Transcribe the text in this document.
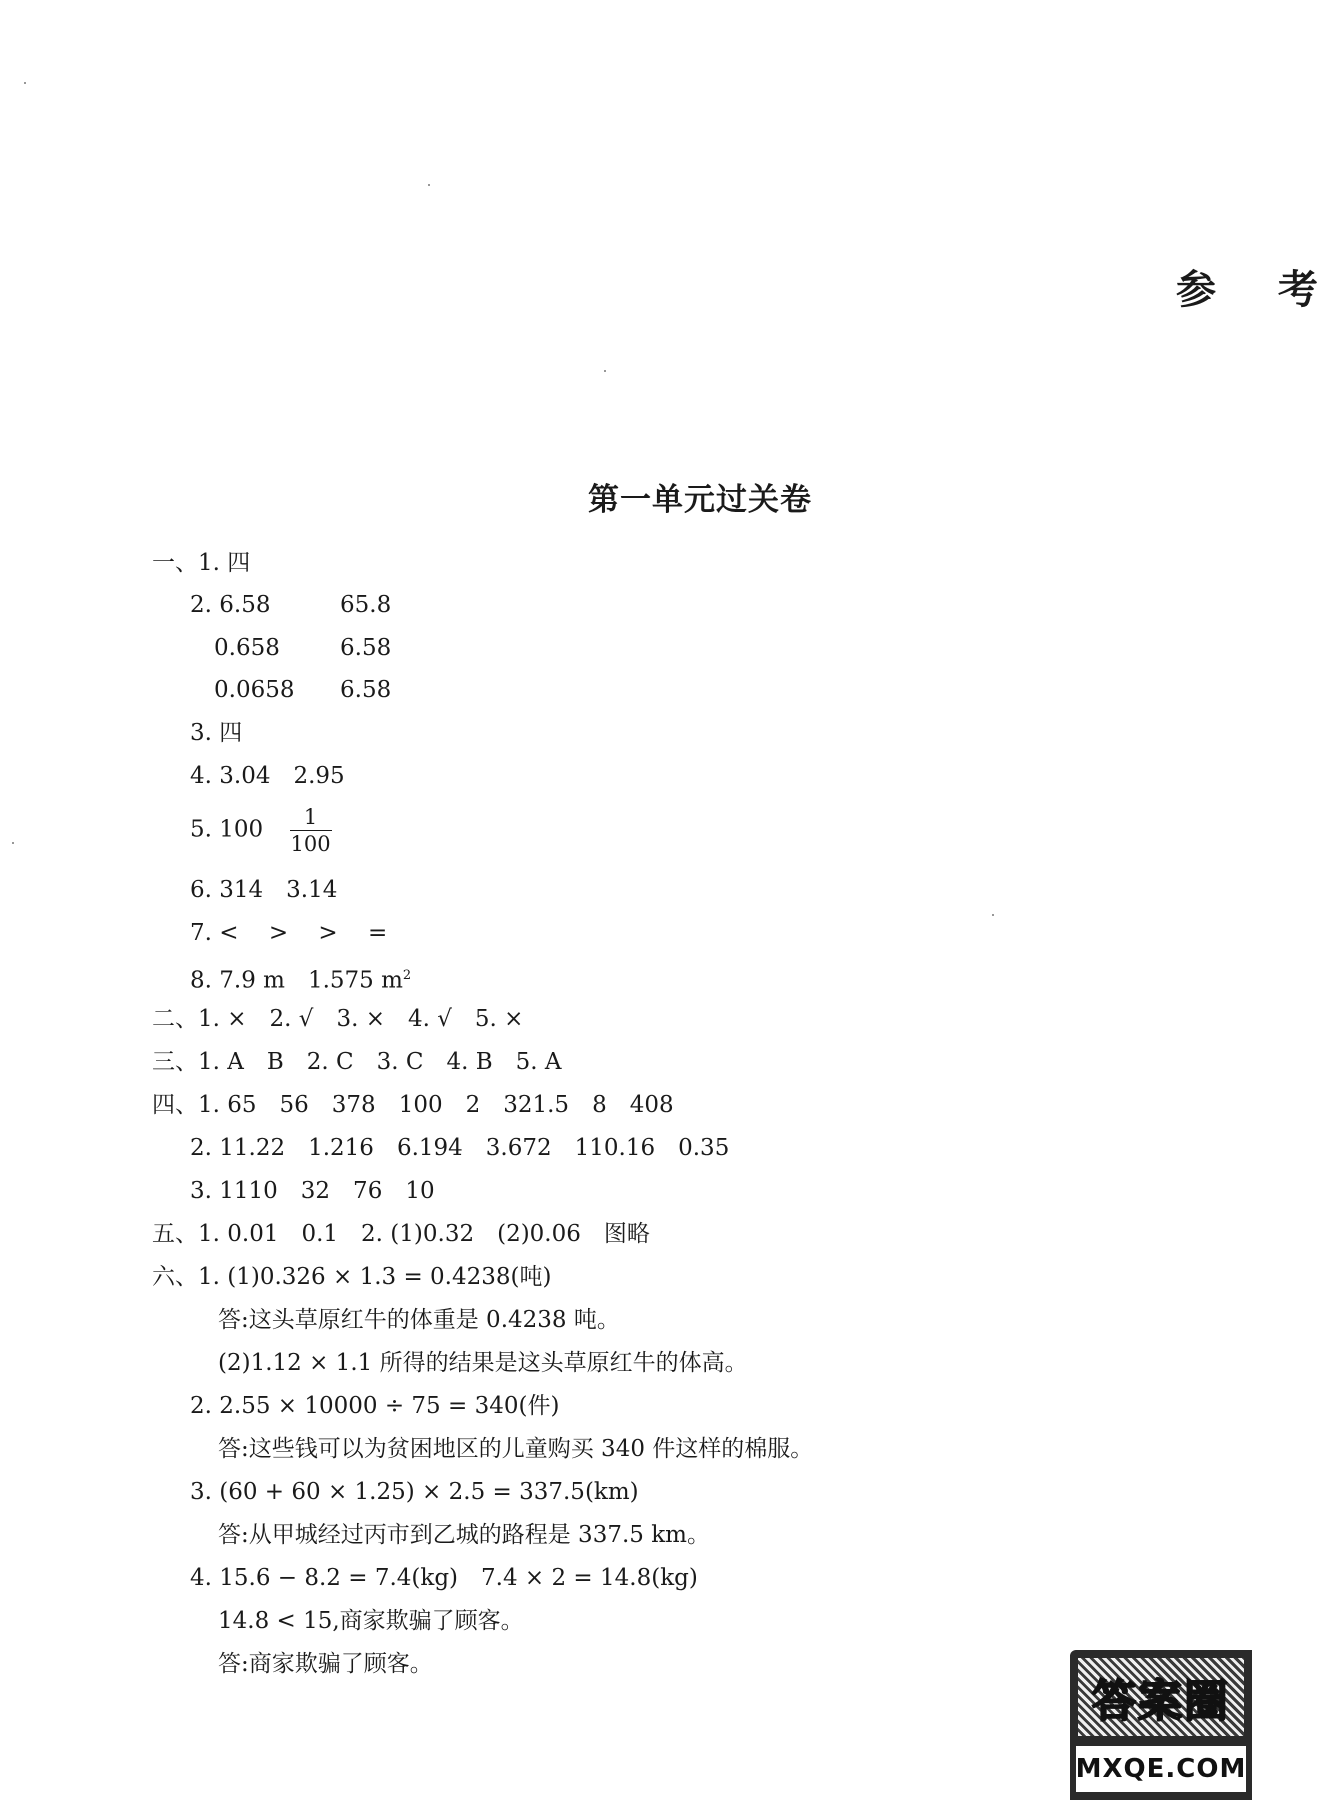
参 考
第一单元过关卷
一、1. 四
2. 6.58	65.8
0.658	6.58
0.0658 6.58
3. 四
4. 3.04　2.95
5. $100 \frac{1}{100}$
6. 314　3.14
7. <　 >　 >　 =
8. 7.9 m　1.575 $m^2$
二、1. ×　2. √　3. ×　4. √　5. ×
三、1. A　B　2. C　3. C　4. B　5. A
四、1. 65　56　378　100　2　321.5　8　408
2. 11.22　1.216　6.194　3.672　110.16　0.35
3. 1110　32　76　10
五、1. 0.01　0.1　2. (1)0.32　(2)0.06　图略
六、1. (1)0.326 × 1.3 = 0.4238(吨)
答:这头草原红牛的体重是 0.4238 吨。
(2)1.12 × 1.1 所得的结果是这头草原红牛的体高。
2. 2.55 × 10000 ÷ 75 = 340(件)
答:这些钱可以为贫困地区的儿童购买 340 件这样的棉服。
3. (60 + 60 × 1.25) × 2.5 = 337.5(km)
答:从甲城经过丙市到乙城的路程是 337.5 km。
4. 15.6 − 8.2 = 7.4(kg)　7.4 × 2 = 14.8(kg)
14.8 < 15,商家欺骗了顾客。
答:商家欺骗了顾客。
答案圈
MXQE.COM
